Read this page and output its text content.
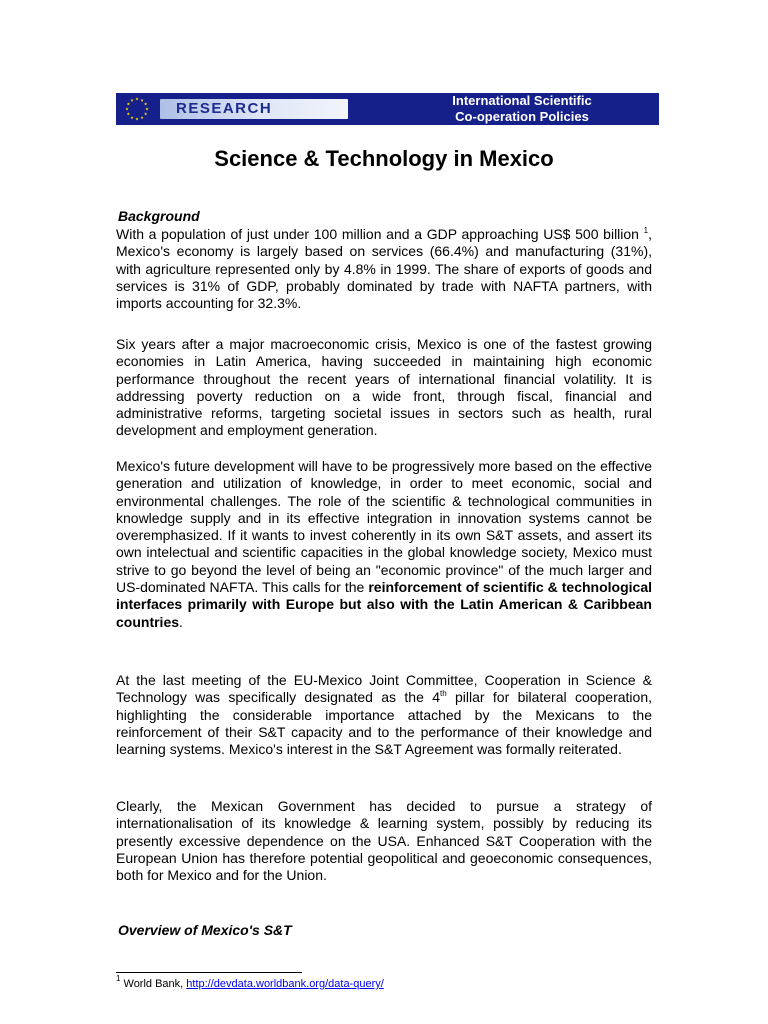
RESEARCH	International Scientific
Co-operation Policies
Science & Technology in Mexico

Background

With a population of just under 100 million and a GDP approaching US$ 500 billion $^1$, Mexico's economy is largely based on services (66.4%) and manufacturing (31%), with agriculture represented only by 4.8% in 1999. The share of exports of goods and services is 31% of GDP, probably dominated by trade with NAFTA partners, with imports accounting for 32.3%.

Six years after a major macroeconomic crisis, Mexico is one of the fastest growing economies in Latin America, having succeeded in maintaining high economic performance throughout the recent years of international financial volatility. It is addressing poverty reduction on a wide front, through fiscal, financial and administrative reforms, targeting societal issues in sectors such as health, rural development and employment generation.

Mexico's future development will have to be progressively more based on the effective generation and utilization of knowledge, in order to meet economic, social and environmental challenges. The role of the scientific & technological communities in knowledge supply and in its effective integration in innovation systems cannot be overemphasized. If it wants to invest coherently in its own S&T assets, and assert its own intelectual and scientific capacities in the global knowledge society, Mexico must strive to go beyond the level of being an "economic province" of the much larger and US-dominated NAFTA. This calls for the reinforcement of scientific & technological interfaces primarily with Europe but also with the Latin American & Caribbean countries.

At the last meeting of the EU-Mexico Joint Committee, Cooperation in Science & Technology was specifically designated as the 4th pillar for bilateral cooperation, highlighting the considerable importance attached by the Mexicans to the reinforcement of their S&T capacity and to the performance of their knowledge and learning systems. Mexico's interest in the S&T Agreement was formally reiterated.

Clearly, the Mexican Government has decided to pursue a strategy of internationalisation of its knowledge & learning system, possibly by reducing its presently excessive dependence on the USA. Enhanced S&T Cooperation with the European Union has therefore potential geopolitical and geoeconomic consequences, both for Mexico and for the Union.

Overview of Mexico's S&T

$^1$ World Bank, http://devdata.worldbank.org/data-query/
